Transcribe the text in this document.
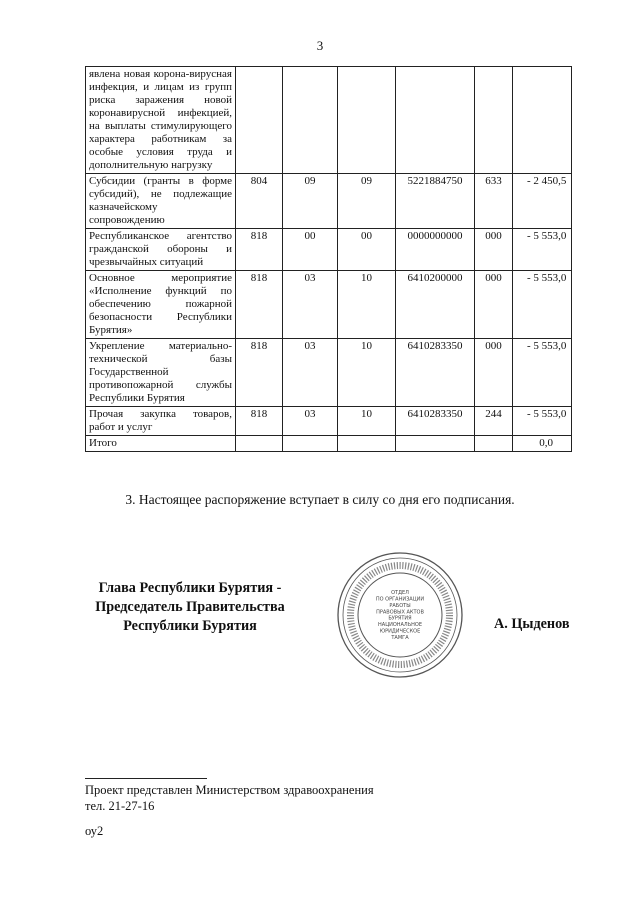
3
явлена новая корона-вирусная инфекция, и лицам из групп риска заражения новой коронавирусной инфекцией, на выплаты стимулирующего характера работникам за особые условия труда и дополнительную нагрузку						
Субсидии (гранты в форме субсидий), не подлежащие казначейскому сопровождению	804	09	09	5221884750	633	- 2 450,5
Республиканское агентство гражданской обороны и чрезвычайных ситуаций	818	00	00	0000000000	000	- 5 553,0
Основное мероприятие «Исполнение функций по обеспечению пожарной безопасности Республики Бурятия»	818	03	10	6410200000	000	- 5 553,0
Укрепление материально-технической базы Государственной противопожарной службы Республики Бурятия	818	03	10	6410283350	000	- 5 553,0
Прочая закупка товаров, работ и услуг	818	03	10	6410283350	244	- 5 553,0
Итого						0,0
3. Настоящее распоряжение вступает в силу со дня его подписания.
Глава Республики Бурятия -
Председатель Правительства
Республики Бурятия
ОТДЕЛ
ПО ОРГАНИЗАЦИИ
РАБОТЫ
ПРАВОВЫХ АКТОВ
БУРЯТИЯ
НАЦИОНАЛЬНОЕ
ЮРИДИЧЕСКОЕ
ТАМГА
А. Цыденов
Проект представлен Министерством здравоохранения
тел. 21-27-16
оу2
